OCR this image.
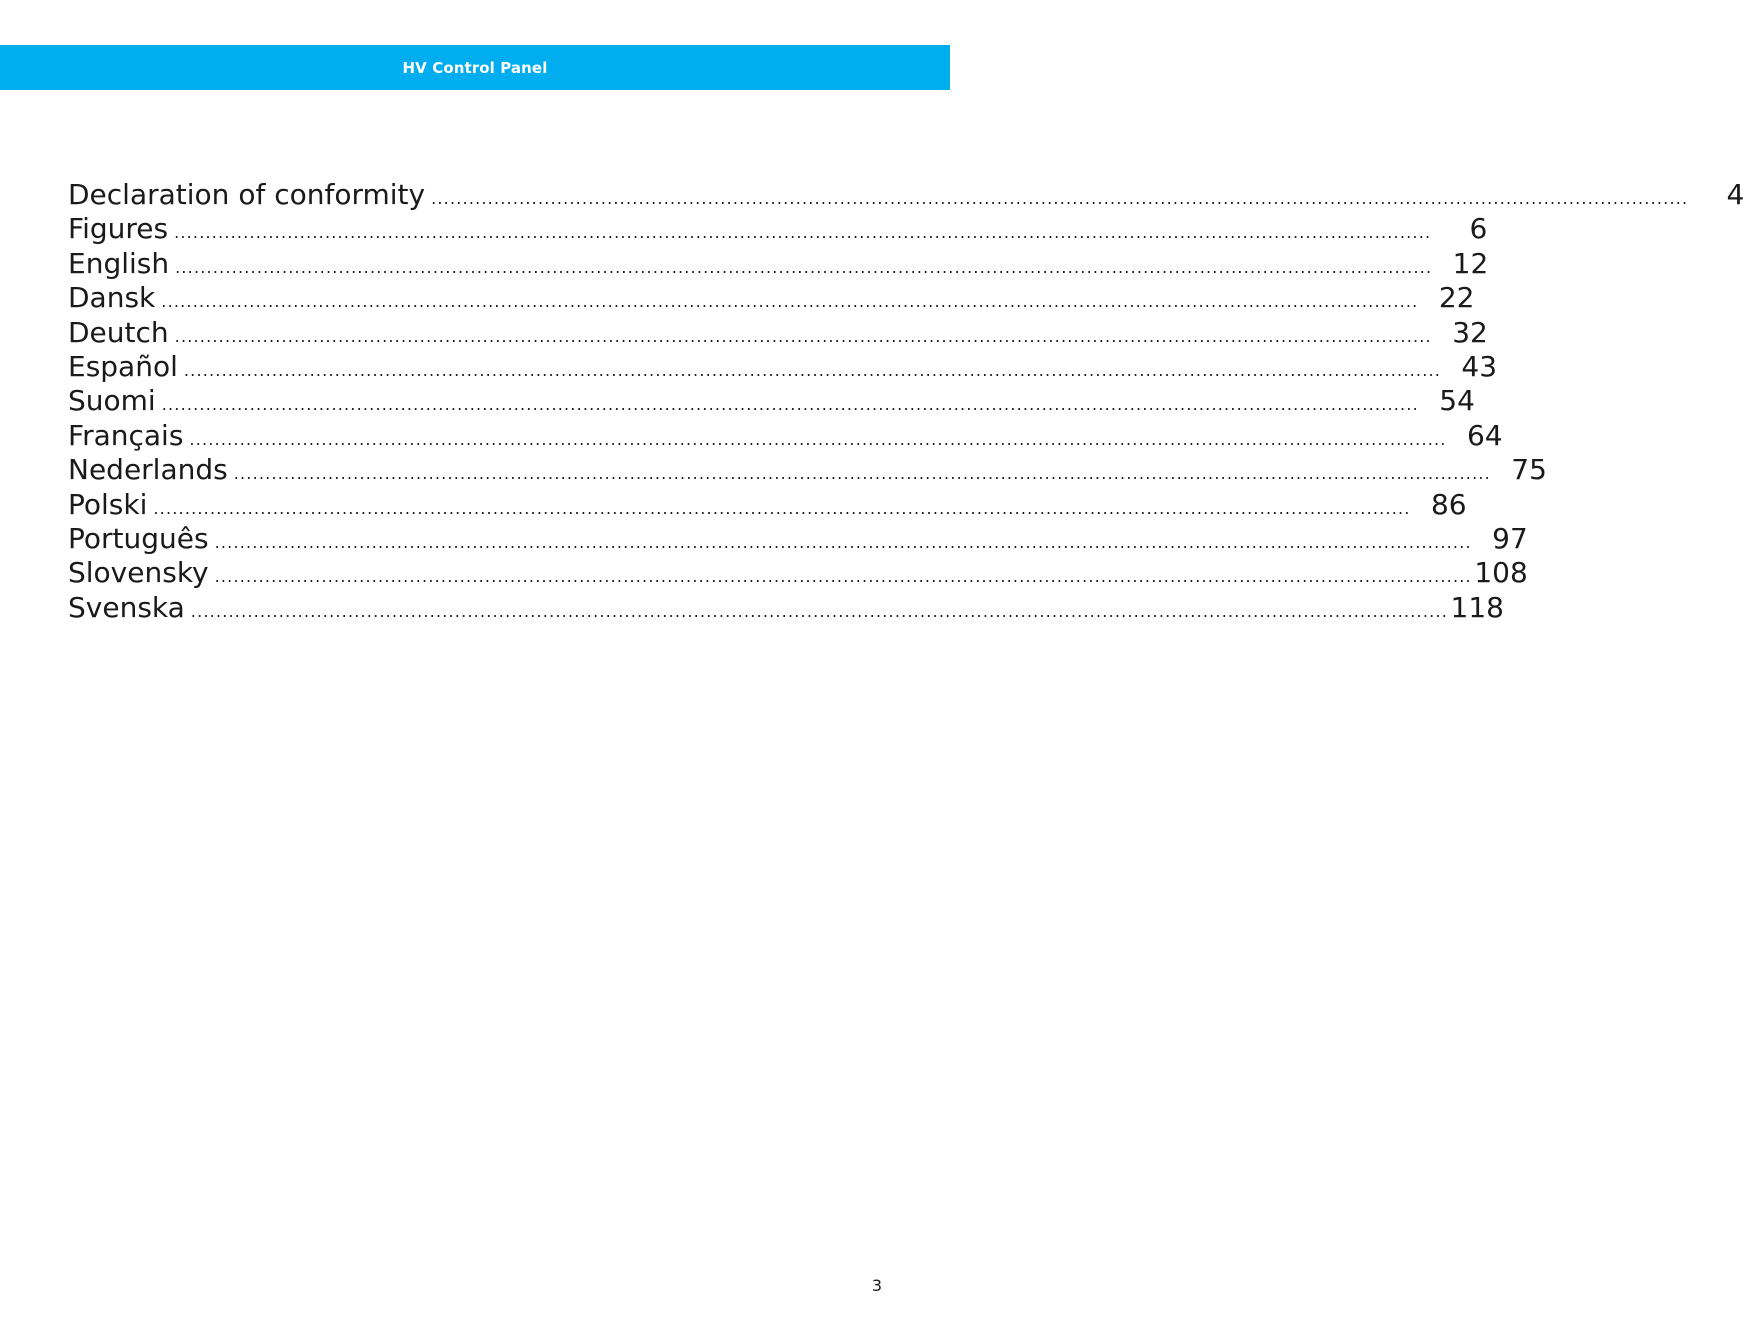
HV Control Panel
Declaration of conformity ........................................................................................................................................................................................................	4
Figures ........................................................................................................................................................................................................	6
English ........................................................................................................................................................................................................ 12
Dansk ........................................................................................................................................................................................................ 22
Deutch ........................................................................................................................................................................................................ 32
Español ........................................................................................................................................................................................................ 43
Suomi ........................................................................................................................................................................................................ 54
Français ........................................................................................................................................................................................................ 64
Nederlands ........................................................................................................................................................................................................ 75
Polski ........................................................................................................................................................................................................ 86
Português ........................................................................................................................................................................................................ 97
Slovensky ........................................................................................................................................................................................................ 108
Svenska ........................................................................................................................................................................................................ 118
3
